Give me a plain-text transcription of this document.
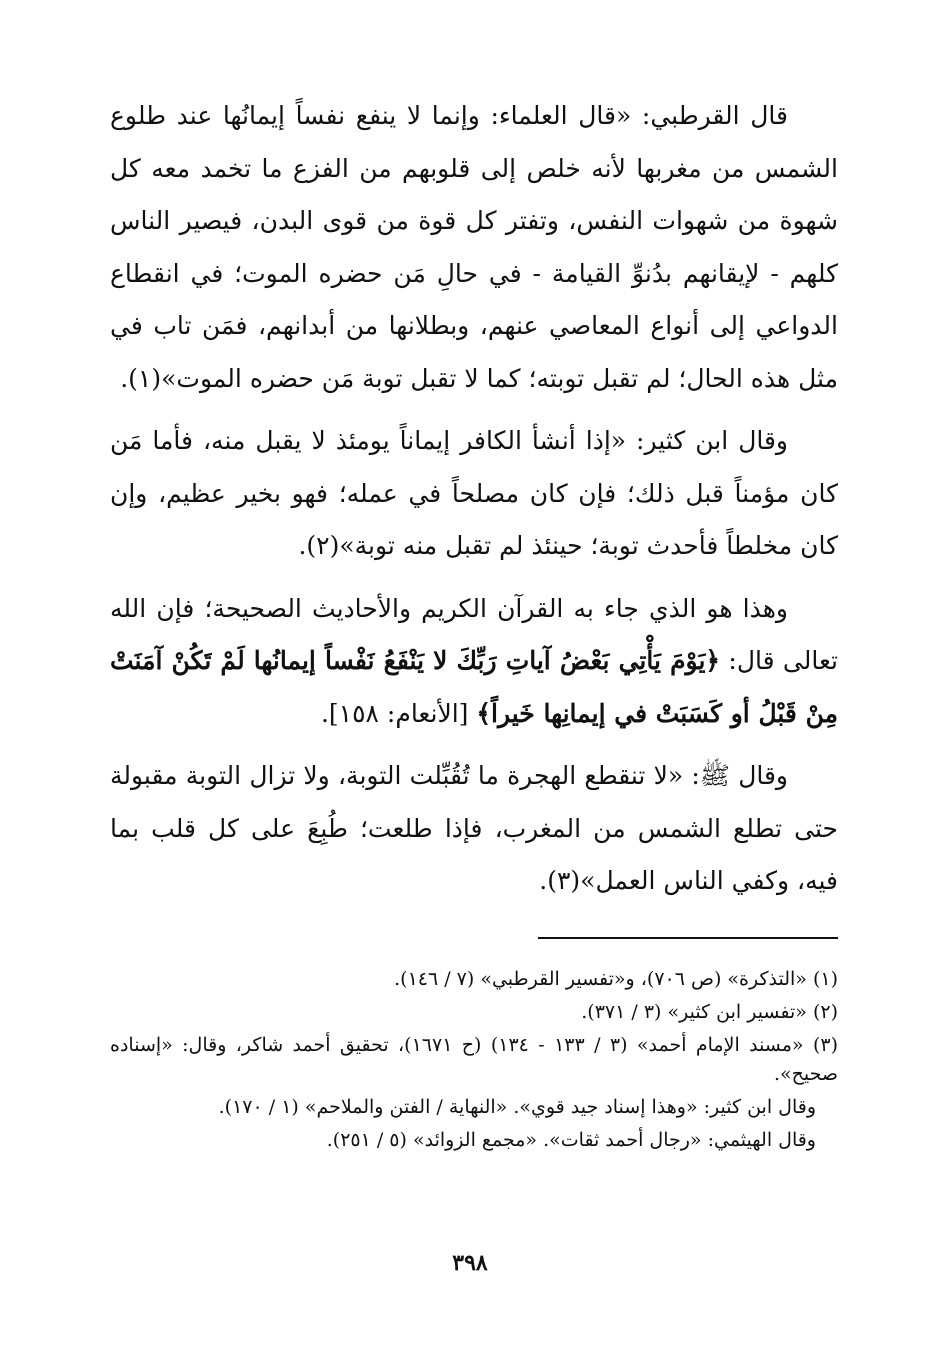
قال القرطبي: «قال العلماء: وإنما لا ينفع نفساً إيمانُها عند طلوع الشمس من مغربها لأنه خلص إلى قلوبهم من الفزع ما تخمد معه كل شهوة من شهوات النفس، وتفتر كل قوة من قوى البدن، فيصير الناس كلهم - لإيقانهم بدُنوِّ القيامة - في حالِ مَن حضره الموت؛ في انقطاع الدواعي إلى أنواع المعاصي عنهم، وبطلانها من أبدانهم، فمَن تاب في مثل هذه الحال؛ لم تقبل توبته؛ كما لا تقبل توبة مَن حضره الموت»(١).

وقال ابن كثير: «إذا أنشأ الكافر إيماناً يومئذ لا يقبل منه، فأما مَن كان مؤمناً قبل ذلك؛ فإن كان مصلحاً في عمله؛ فهو بخير عظيم، وإن كان مخلطاً فأحدث توبة؛ حينئذ لم تقبل منه توبة»(٢).

وهذا هو الذي جاء به القرآن الكريم والأحاديث الصحيحة؛ فإن الله تعالى قال: ﴿يَوْمَ يَأْتِي بَعْضُ آياتِ رَبِّكَ لا يَنْفَعُ نَفْساً إيمانُها لَمْ تَكُنْ آمَنَتْ مِنْ قَبْلُ أو كَسَبَتْ في إيمانِها خَيراً﴾ [الأنعام: ١٥٨].

وقال ﷺ: «لا تنقطع الهجرة ما تُقُبِّلت التوبة، ولا تزال التوبة مقبولة حتى تطلع الشمس من المغرب، فإذا طلعت؛ طُبِعَ على كل قلب بما فيه، وكفي الناس العمل»(٣).

(١) «التذكرة» (ص ٧٠٦)، و«تفسير القرطبي» (٧ / ١٤٦).

(٢) «تفسير ابن كثير» (٣ / ٣٧١).

(٣) «مسند الإمام أحمد» (٣ / ١٣٣ - ١٣٤) (ح ١٦٧١)، تحقيق أحمد شاكر، وقال: «إسناده صحيح».

وقال ابن كثير: «وهذا إسناد جيد قوي». «النهاية / الفتن والملاحم» (١ / ١٧٠).

وقال الهيثمي: «رجال أحمد ثقات». «مجمع الزوائد» (٥ / ٢٥١).

٣٩٨
